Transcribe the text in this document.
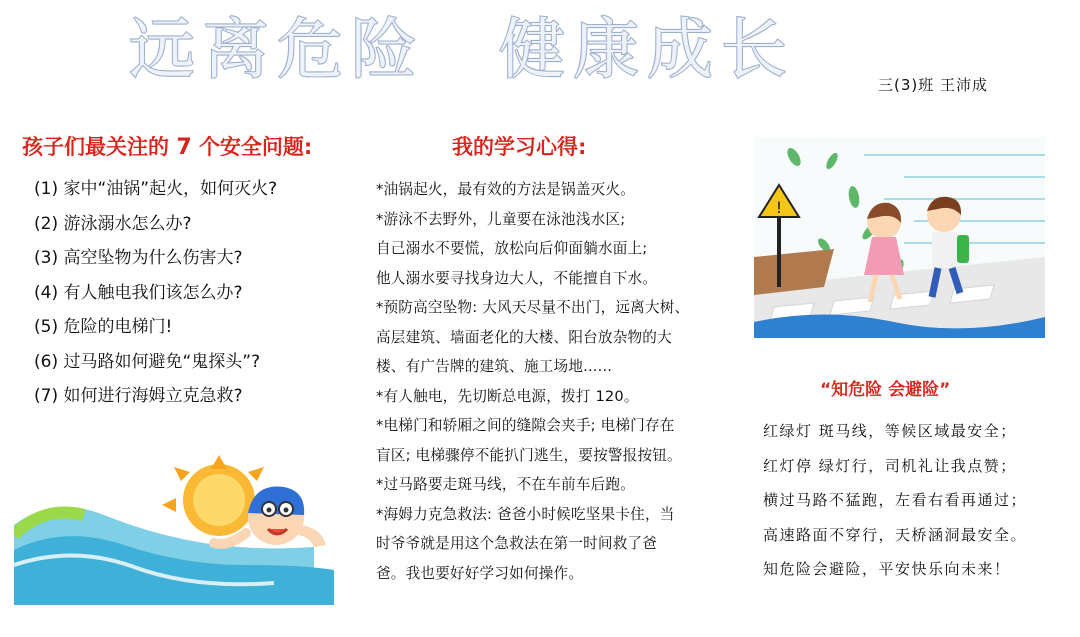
远离危险　健康成长	三(3)班 王沛成
孩子们最关注的 7 个安全问题:
(1) 家中“油锅”起火，如何灭火?
(2) 游泳溺水怎么办?
(3) 高空坠物为什么伤害大?
(4) 有人触电我们该怎么办?
(5) 危险的电梯门!
(6) 过马路如何避免“鬼探头”?
(7) 如何进行海姆立克急救?
我的学习心得:
*油锅起火，最有效的方法是锅盖灭火。
*游泳不去野外，儿童要在泳池浅水区;
自己溺水不要慌，放松向后仰面躺水面上;
他人溺水要寻找身边大人，不能擅自下水。
*预防高空坠物: 大风天尽量不出门，远离大树、
高层建筑、墙面老化的大楼、阳台放杂物的大
楼、有广告牌的建筑、施工场地......
*有人触电，先切断总电源，拨打 120。
*电梯门和轿厢之间的缝隙会夹手; 电梯门存在
盲区; 电梯骤停不能扒门逃生，要按警报按钮。
*过马路要走斑马线，不在车前车后跑。
*海姆力克急救法: 爸爸小时候吃坚果卡住，当
时爷爷就是用这个急救法在第一时间救了爸
爸。我也要好好学习如何操作。
!
“知危险 会避险”
红绿灯 斑马线，等候区域最安全；
红灯停 绿灯行，司机礼让我点赞；
横过马路不猛跑，左看右看再通过；
高速路面不穿行，天桥涵洞最安全。
知危险会避险，平安快乐向未来！
